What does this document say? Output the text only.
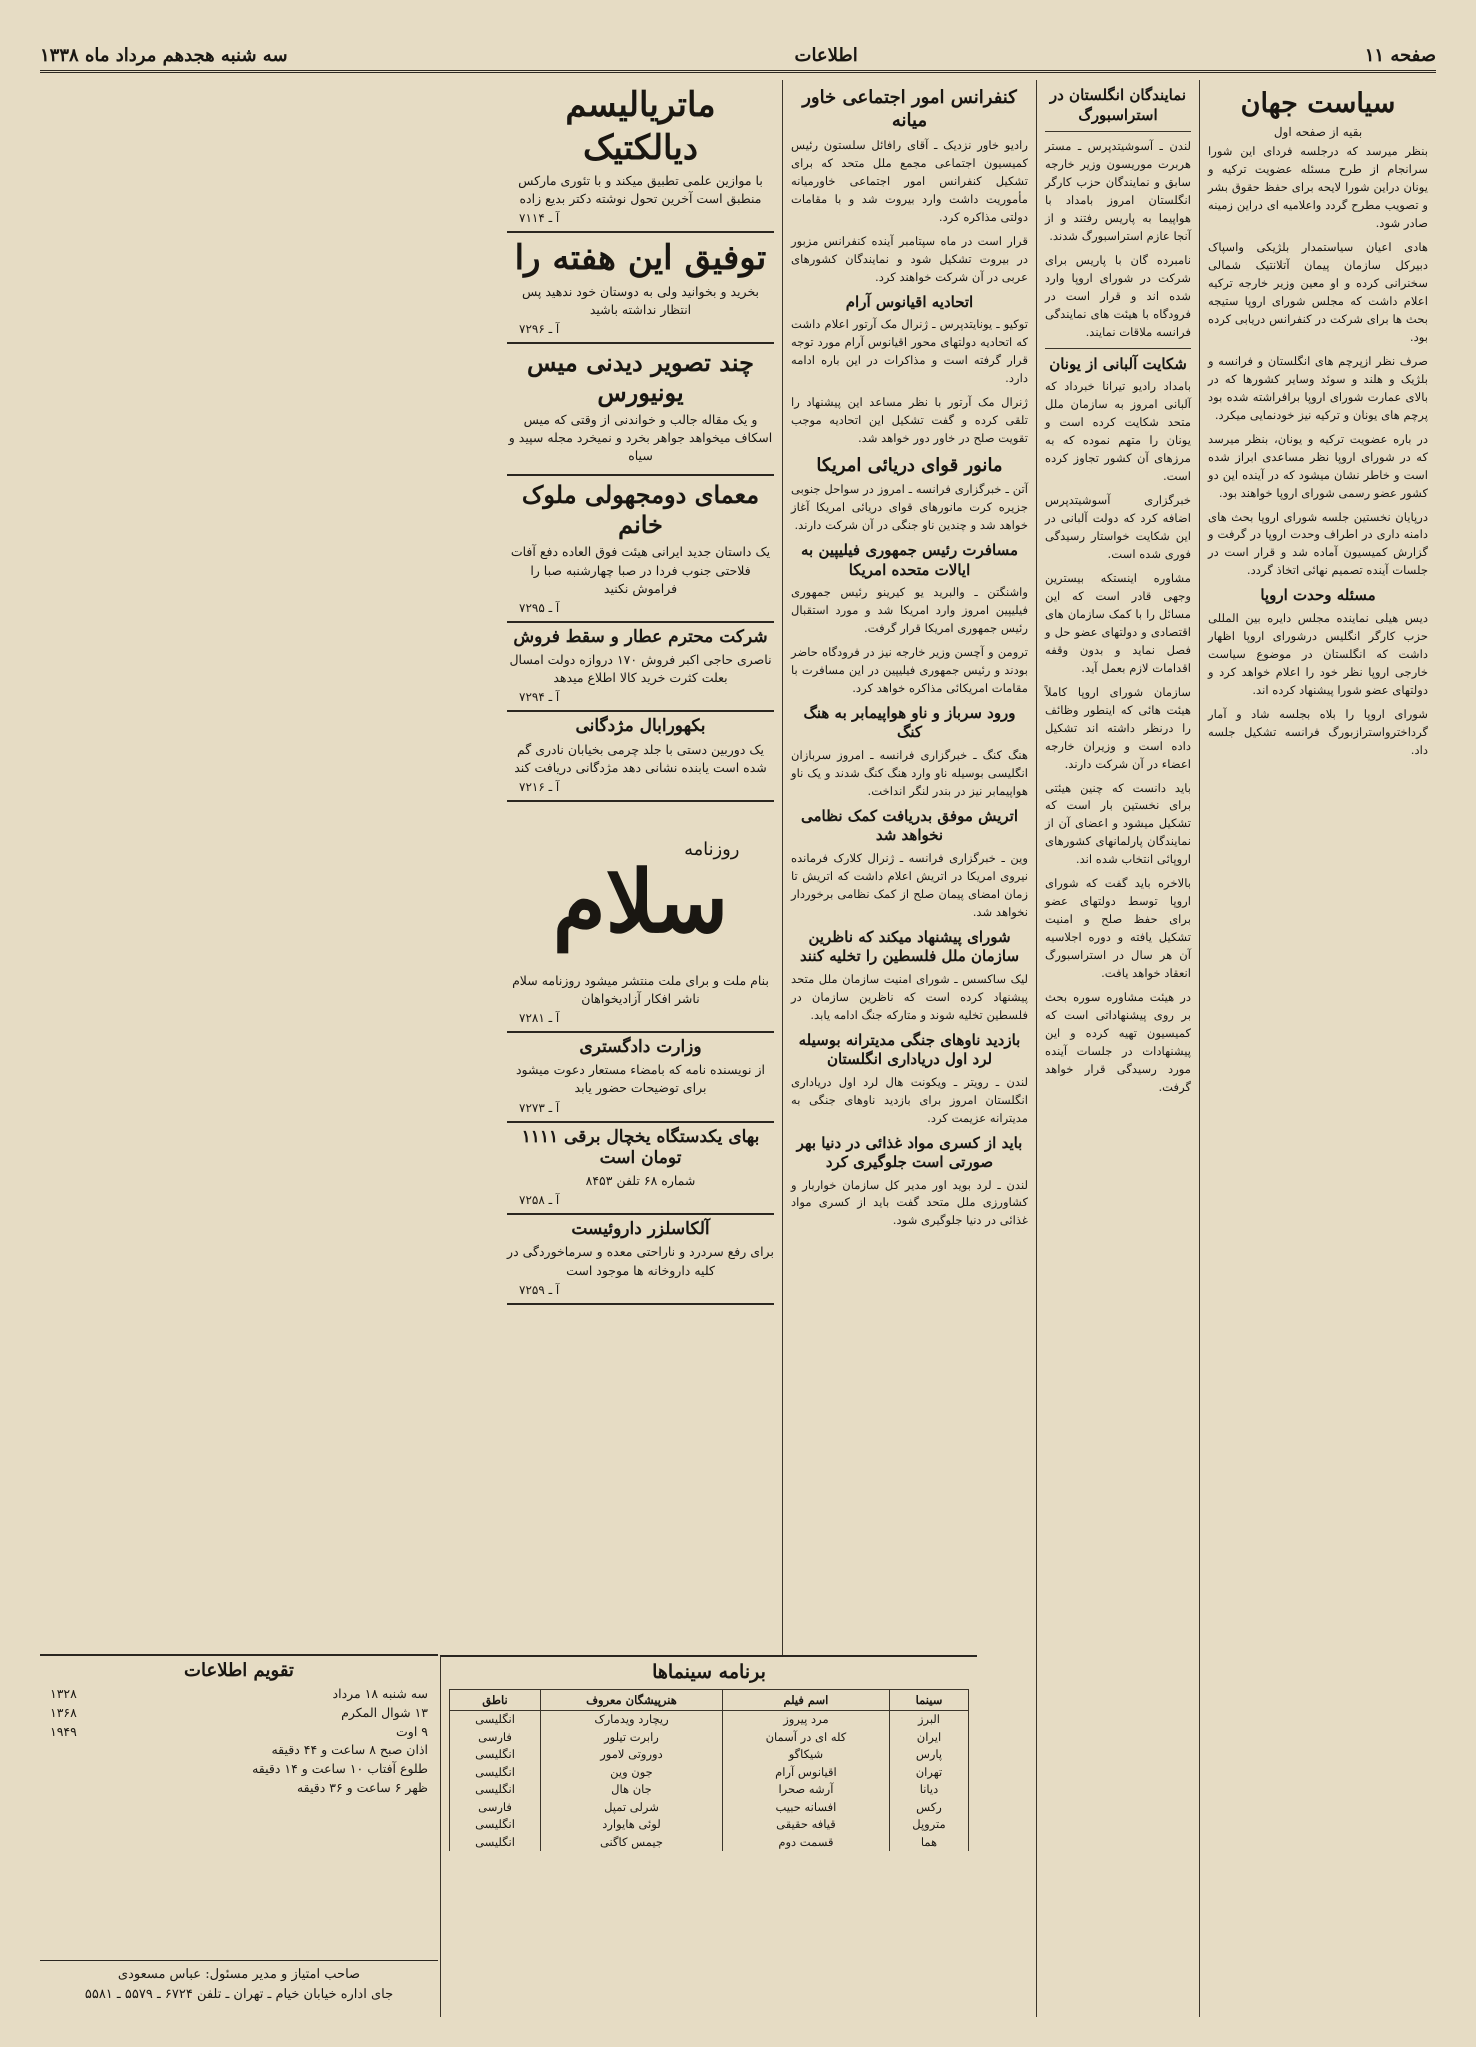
صفحه ۱۱
اطلاعات
سه شنبه هجدهم مرداد ماه ۱۳۳۸
سیاست جهان
بقیه از صفحه اول

بنظر میرسد که درجلسه فردای این شورا سرانجام از طرح مسئله عضویت ترکیه و یونان دراین شورا لایحه برای حفظ حقوق بشر و تصویب مطرح گردد واعلامیه ای دراین زمینه صادر شود.

هادی اعیان سیاستمدار بلژیکی واسپاک دبیرکل سازمان پیمان آتلانتیک شمالی سخنرانی کرده و او معین وزیر خارجه ترکیه اعلام داشت که مجلس شورای اروپا ستیجه بحث ها برای شرکت در کنفرانس دریابی کرده بود.

صرف نظر ازپرچم های انگلستان و فرانسه و بلژیک و هلند و سوئد وسایر کشورها که در بالای عمارت شورای اروپا برافراشته شده بود پرچم های یونان و ترکیه نیز خودنمایی میکرد.

در باره عضویت ترکیه و یونان، بنظر میرسد که در شورای اروپا نظر مساعدی ابراز شده است و خاطر نشان میشود که در آینده این دو کشور عضو رسمی شورای اروپا خواهند بود.

درپایان نخستین جلسه شورای اروپا بحث های دامنه داری در اطراف وحدت اروپا در گرفت و گزارش کمیسیون آماده شد و قرار است در جلسات آینده تصمیم نهائی اتخاذ گردد.

مسئله وحدت اروپا

دیس هیلی نماینده مجلس دایره بین المللی حزب کارگر انگلیس درشورای اروپا اظهار داشت که انگلستان در موضوع سیاست خارجی اروپا نظر خود را اعلام خواهد کرد و دولتهای عضو شورا پیشنهاد کرده اند.

شورای اروپا را بلاه بجلسه شاد و آمار گرداخترواسترازبورگ فرانسه تشکیل جلسه داد.

نمایندگان انگلستان در استراسبورگ

لندن ـ آسوشیتدپرس ـ مستر هربرت موریسون وزیر خارجه سابق و نمایندگان حزب کارگر انگلستان امروز بامداد با هواپیما به پاریس رفتند و از آنجا عازم استراسبورگ شدند.

نامبرده گان با پاریس برای شرکت در شورای اروپا وارد شده اند و قرار است در فرودگاه با هیئت های نمایندگی فرانسه ملاقات نمایند.

شکایت آلبانی از یونان

بامداد رادیو تیرانا خبرداد که آلبانی امروز به سازمان ملل متحد شکایت کرده است و یونان را متهم نموده که به مرزهای آن کشور تجاوز کرده است.

خبرگزاری آسوشیتدپرس اضافه کرد که دولت آلبانی در این شکایت خواستار رسیدگی فوری شده است.

مشاوره اینستکه بیسترین وجهی قادر است که این مسائل را با کمک سازمان های اقتصادی و دولتهای عضو حل و فصل نماید و بدون وقفه اقدامات لازم بعمل آید.

سازمان شورای اروپا کاملاً هیئت هائی که اینطور وظائف را درنظر داشته اند تشکیل داده است و وزیران خارجه اعضاء در آن شرکت دارند.

باید دانست که چنین هیئتی برای نخستین بار است که تشکیل میشود و اعضای آن از نمایندگان پارلمانهای کشورهای اروپائی انتخاب شده اند.

بالاخره باید گفت که شورای اروپا توسط دولتهای عضو برای حفظ صلح و امنیت تشکیل یافته و دوره اجلاسیه آن هر سال در استراسبورگ انعقاد خواهد یافت.

در هیئت مشاوره سوره بحث بر روی پیشنهاداتی است که کمیسیون تهیه کرده و این پیشنهادات در جلسات آینده مورد رسیدگی قرار خواهد گرفت.

کنفرانس امور اجتماعی خاور میانه

رادیو خاور نزدیک ـ آقای رافائل سلستون رئیس کمیسیون اجتماعی مجمع ملل متحد که برای تشکیل کنفرانس امور اجتماعی خاورمیانه مأموریت داشت وارد بیروت شد و با مقامات دولتی مذاکره کرد.

قرار است در ماه سپتامبر آینده کنفرانس مزبور در بیروت تشکیل شود و نمایندگان کشورهای عربی در آن شرکت خواهند کرد.

اتحادیه اقیانوس آرام

توکیو ـ یونایتدپرس ـ ژنرال مک آرتور اعلام داشت که اتحادیه دولتهای محور اقیانوس آرام مورد توجه قرار گرفته است و مذاکرات در این باره ادامه دارد.

ژنرال مک آرتور با نظر مساعد این پیشنهاد را تلقی کرده و گفت تشکیل این اتحادیه موجب تقویت صلح در خاور دور خواهد شد.

مانور قوای دریائی امریکا

آتن ـ خبرگزاری فرانسه ـ امروز در سواحل جنوبی جزیره کرت مانورهای قوای دریائی امریکا آغاز خواهد شد و چندین ناو جنگی در آن شرکت دارند.

مسافرت رئیس جمهوری فیلیپین به ایالات متحده امریکا

واشنگتن ـ والبرید یو کیرینو رئیس جمهوری فیلیپین امروز وارد امریکا شد و مورد استقبال رئیس جمهوری امریکا قرار گرفت.

ترومن و آچسن وزیر خارجه نیز در فرودگاه حاضر بودند و رئیس جمهوری فیلیپین در این مسافرت با مقامات امریکائی مذاکره خواهد کرد.

ورود سرباز و ناو هواپیمابر به هنگ کنگ

هنگ کنگ ـ خبرگزاری فرانسه ـ امروز سربازان انگلیسی بوسیله ناو وارد هنگ کنگ شدند و یک ناو هواپیمابر نیز در بندر لنگر انداخت.

اتریش موفق بدریافت کمک نظامی نخواهد شد

وین ـ خبرگزاری فرانسه ـ ژنرال کلارک فرمانده نیروی امریکا در اتریش اعلام داشت که اتریش تا زمان امضای پیمان صلح از کمک نظامی برخوردار نخواهد شد.

شورای پیشنهاد میکند که ناظرین سازمان ملل فلسطین را تخلیه کنند

لیک ساکسس ـ شورای امنیت سازمان ملل متحد پیشنهاد کرده است که ناظرین سازمان در فلسطین تخلیه شوند و متارکه جنگ ادامه یابد.

بازدید ناوهای جنگی مدیترانه بوسیله لرد اول دریاداری انگلستان

لندن ـ رویتر ـ ویکونت هال لرد اول دریاداری انگلستان امروز برای بازدید ناوهای جنگی به مدیترانه عزیمت کرد.

باید از کسری مواد غذائی در دنیا بهر صورتی است جلوگیری کرد

لندن ـ لرد بوید اور مدیر کل سازمان خواربار و کشاورزی ملل متحد گفت باید از کسری مواد غذائی در دنیا جلوگیری شود.

ماتریالیسم دیالکتیک
با موازین علمی تطبیق میکند و با تئوری مارکس منطبق است آخرین تحول نوشته دکتر بدیع زاده
آ ـ ۷۱۱۴
توفیق این هفته را
بخرید و بخوانید ولی به دوستان خود ندهید پس انتظار نداشته باشید
آ ـ ۷۲۹۶
چند تصویر دیدنی میس یونیورس
و یک مقاله جالب و خواندنی از وقتی که میس اسکاف میخواهد جواهر بخرد و نمیخرد مجله سپید و سیاه
معمای دومجهولی ملوک خانم
یک داستان جدید ایرانی هیئت فوق العاده دفع آفات فلاحتی جنوب فردا در صبا چهارشنبه صبا را فراموش نکنید
آ ـ ۷۲۹۵
شرکت محترم عطار و سقط فروش
ناصری حاجی اکبر فروش ۱۷۰ دروازه دولت امسال بعلت کثرت خرید کالا اطلاع میدهد
آ ـ ۷۲۹۴
بکهورابال مژدگانی
یک دوربین دستی با جلد چرمی بخیابان نادری گم شده است یابنده نشانی دهد مژدگانی دریافت کند
آ ـ ۷۲۱۶
روزنامه
سلام
بنام ملت و برای ملت منتشر میشود روزنامه سلام ناشر افکار آزادیخواهان
آ ـ ۷۲۸۱
وزارت دادگستری
از نویسنده نامه که بامضاء مستعار دعوت میشود برای توضیحات حضور یابد
آ ـ ۷۲۷۳
بهای یکدستگاه یخچال برقی ۱۱۱۱ تومان است
شماره ۶۸ تلفن ۸۴۵۳
آ ـ ۷۲۵۸
آلکاسلزر داروئیست
برای رفع سردرد و ناراحتی معده و سرماخوردگی در کلیه داروخانه ها موجود است
آ ـ ۷۲۵۹
برنامه سینماها
سینما	اسم فیلم	هنرپیشگان معروف	ناطق
البرز	مرد پیروز	ریچارد ویدمارک	انگلیسی
ایران	کله ای در آسمان	رابرت تیلور	فارسی
پارس	شیکاگو	دوروتی لامور	انگلیسی
تهران	اقیانوس آرام	جون وین	انگلیسی
دیانا	آرشه صحرا	جان هال	انگلیسی
رکس	افسانه حبیب	شرلی تمپل	فارسی
متروپل	قیافه حقیقی	لوئی هایوارد	انگلیسی
هما	قسمت دوم	جیمس کاگنی	انگلیسی
تقویم اطلاعات
سه شنبه ۱۸ مرداد
۱۳۲۸
۱۳ شوال المکرم
۱۳۶۸
۹ اوت
۱۹۴۹
اذان صبح ۸ ساعت و ۴۴ دقیقه
طلوع آفتاب ۱۰ ساعت و ۱۴ دقیقه
ظهر ۶ ساعت و ۳۶ دقیقه
صاحب امتیاز و مدیر مسئول: عباس مسعودی
جای اداره خیابان خیام ـ تهران ـ تلفن ۶۷۲۴ ـ ۵۵۷۹ ـ ۵۵۸۱
